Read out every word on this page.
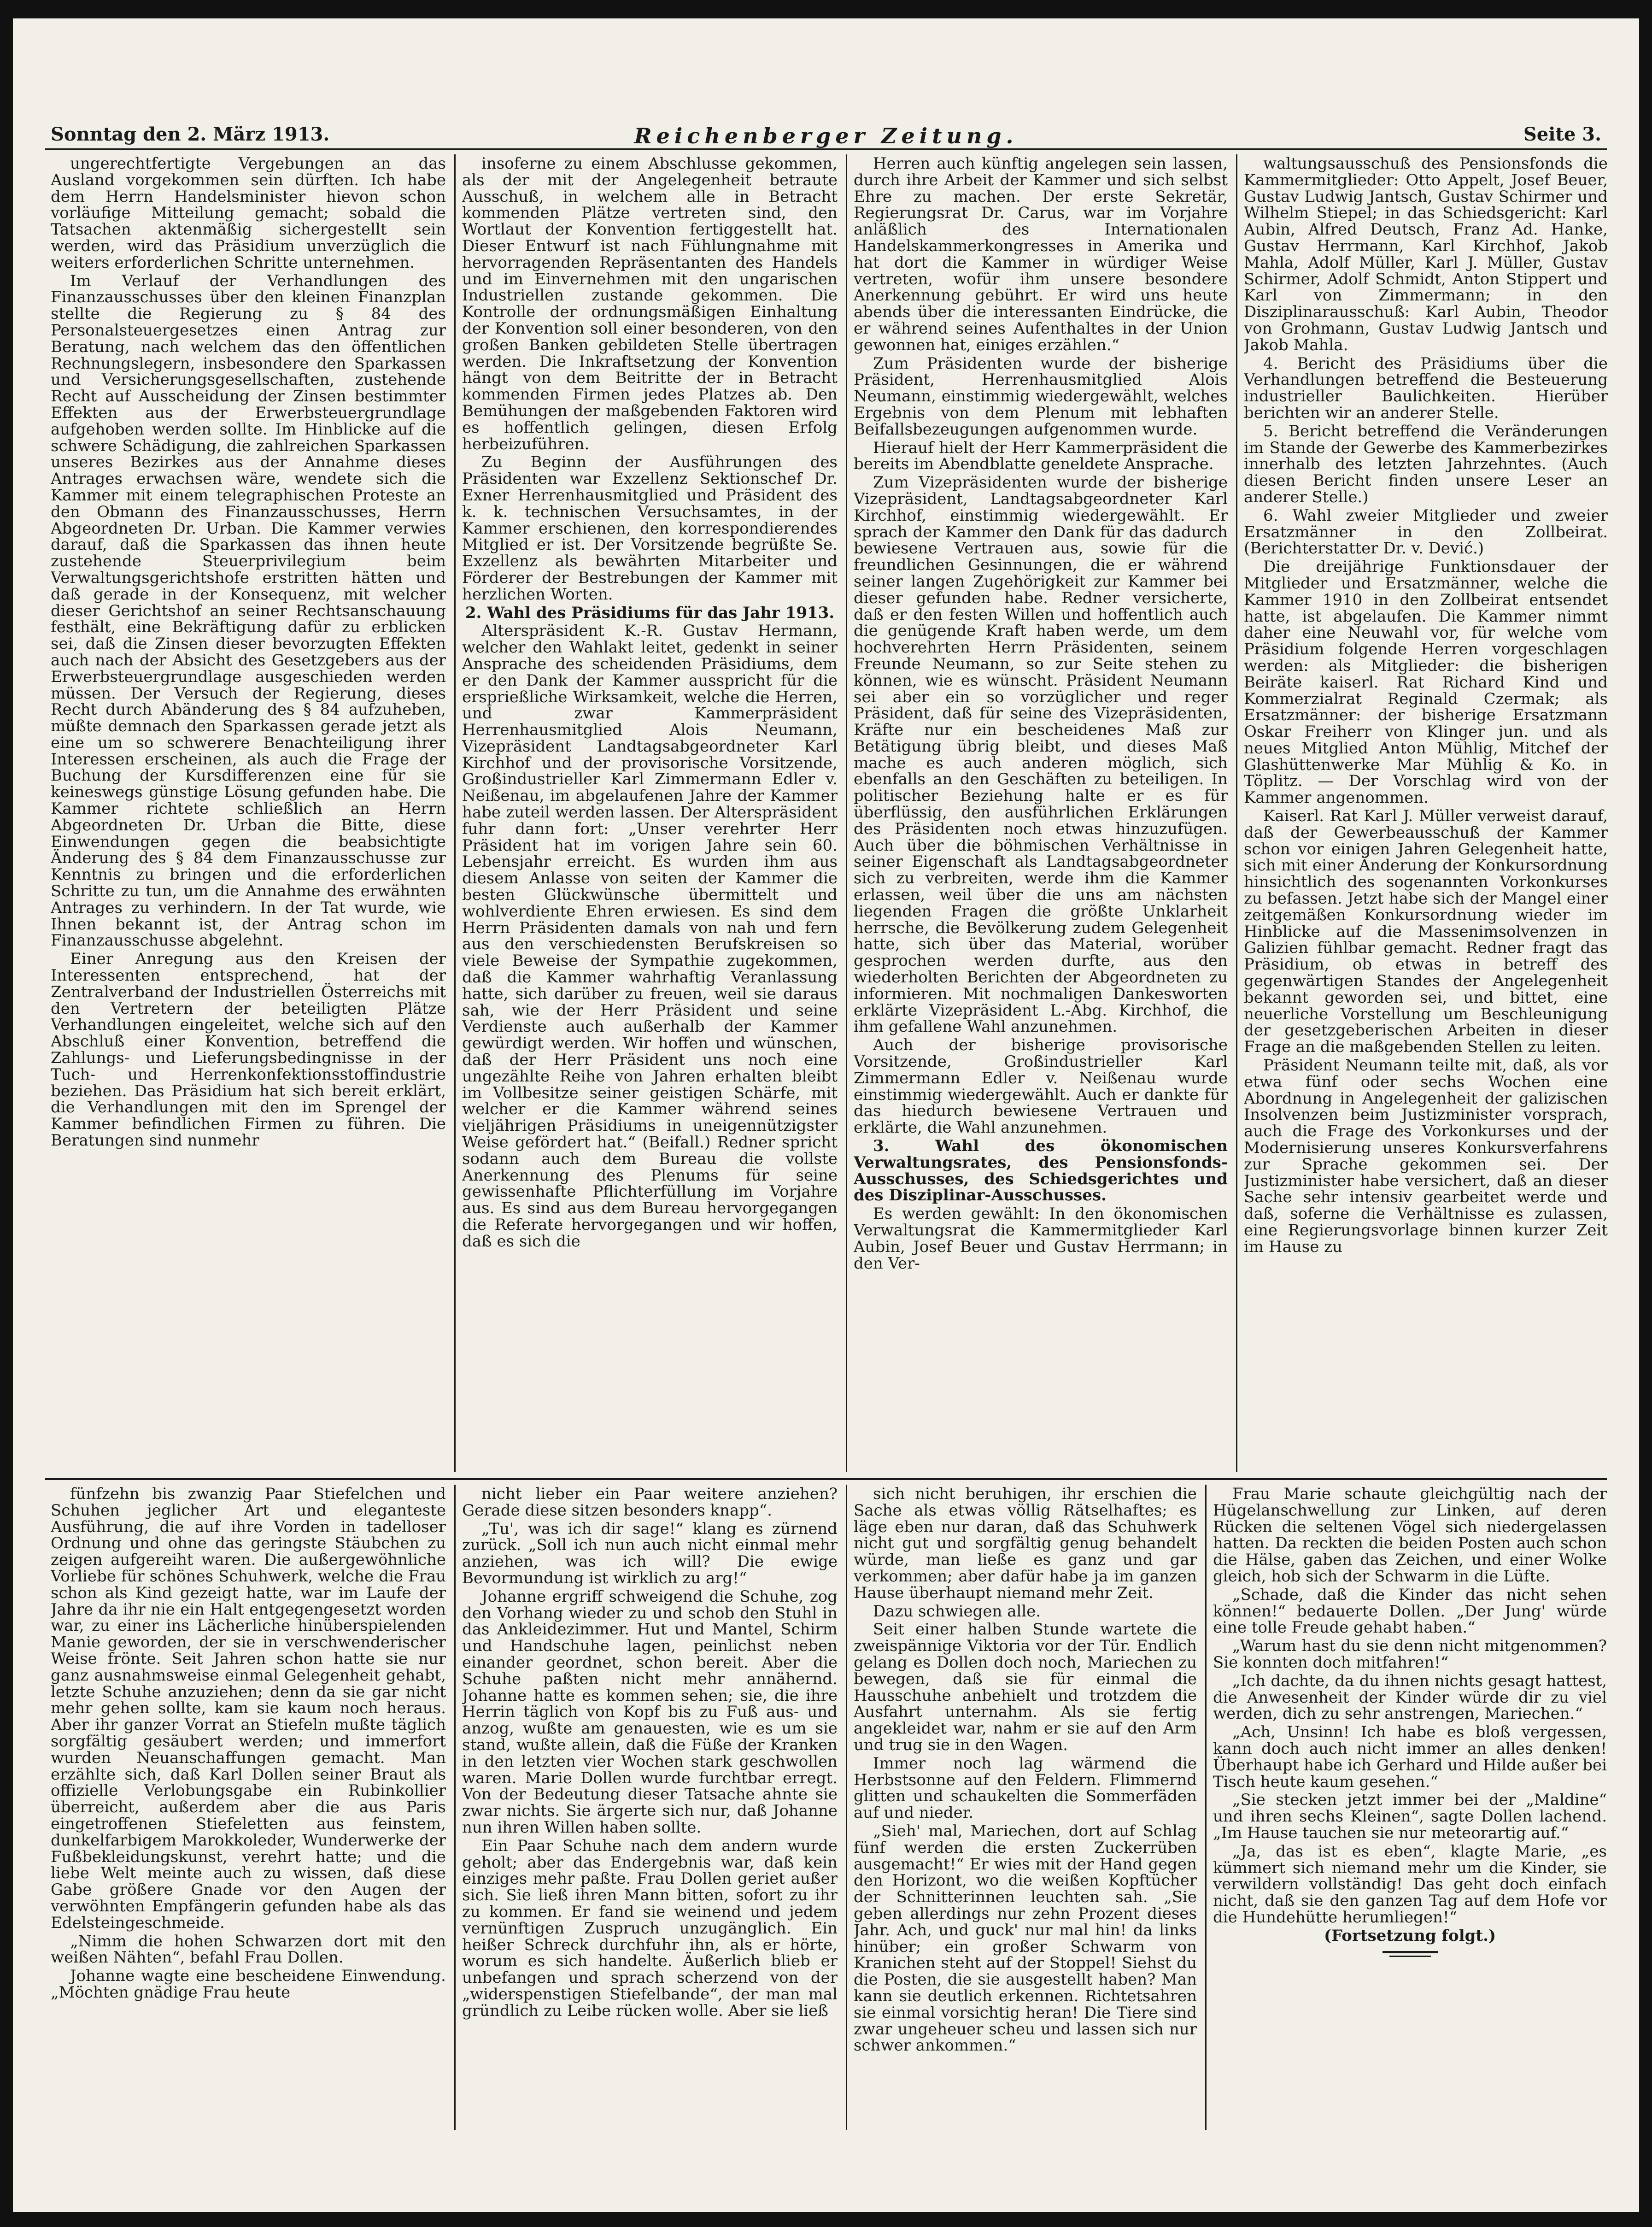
Sonntag den 2. März 1913.	Reichenberger Zeitung.	Seite 3.

ungerechtfertigte Vergebungen an das Ausland vorgekommen sein dürften. Ich habe dem Herrn Handelsminister hievon schon vorläufige Mitteilung gemacht; sobald die Tatsachen aktenmäßig sichergestellt sein werden, wird das Präsidium unverzüglich die weiters erforderlichen Schritte unternehmen.

Im Verlauf der Verhandlungen des Finanzausschusses über den kleinen Finanzplan stellte die Regierung zu § 84 des Personalsteuergesetzes einen Antrag zur Beratung, nach welchem das den öffentlichen Rechnungslegern, insbesondere den Sparkassen und Versicherungsgesellschaften, zustehende Recht auf Ausscheidung der Zinsen bestimmter Effekten aus der Erwerbsteuergrundlage aufgehoben werden sollte. Im Hinblicke auf die schwere Schädigung, die zahlreichen Sparkassen unseres Bezirkes aus der Annahme dieses Antrages erwachsen wäre, wendete sich die Kammer mit einem telegraphischen Proteste an den Obmann des Finanzausschusses, Herrn Abgeordneten Dr. Urban. Die Kammer verwies darauf, daß die Sparkassen das ihnen heute zustehende Steuerprivilegium beim Verwaltungsgerichtshofe erstritten hätten und daß gerade in der Konsequenz, mit welcher dieser Gerichtshof an seiner Rechtsanschauung festhält, eine Bekräftigung dafür zu erblicken sei, daß die Zinsen dieser bevorzugten Effekten auch nach der Absicht des Gesetzgebers aus der Erwerbsteuergrundlage ausgeschieden werden müssen. Der Versuch der Regierung, dieses Recht durch Abänderung des § 84 aufzuheben, müßte demnach den Sparkassen gerade jetzt als eine um so schwerere Benachteiligung ihrer Interessen erscheinen, als auch die Frage der Buchung der Kursdifferenzen eine für sie keineswegs günstige Lösung gefunden habe. Die Kammer richtete schließlich an Herrn Abgeordneten Dr. Urban die Bitte, diese Einwendungen gegen die beabsichtigte Änderung des § 84 dem Finanzausschusse zur Kenntnis zu bringen und die erforderlichen Schritte zu tun, um die Annahme des erwähnten Antrages zu verhindern. In der Tat wurde, wie Ihnen bekannt ist, der Antrag schon im Finanzausschusse abgelehnt.

Einer Anregung aus den Kreisen der Interessenten entsprechend, hat der Zentralverband der Industriellen Österreichs mit den Vertretern der beteiligten Plätze Verhandlungen eingeleitet, welche sich auf den Abschluß einer Konvention, betreffend die Zahlungs- und Lieferungsbedingnisse in der Tuch- und Herrenkonfektionsstoffindustrie beziehen. Das Präsidium hat sich bereit erklärt, die Verhandlungen mit den im Sprengel der Kammer befindlichen Firmen zu führen. Die Beratungen sind nunmehr

insoferne zu einem Abschlusse gekommen, als der mit der Angelegenheit betraute Ausschuß, in welchem alle in Betracht kommenden Plätze vertreten sind, den Wortlaut der Konvention fertiggestellt hat. Dieser Entwurf ist nach Fühlungnahme mit hervorragenden Repräsentanten des Handels und im Einvernehmen mit den ungarischen Industriellen zustande gekommen. Die Kontrolle der ordnungsmäßigen Einhaltung der Konvention soll einer besonderen, von den großen Banken gebildeten Stelle übertragen werden. Die Inkraftsetzung der Konvention hängt von dem Beitritte der in Betracht kommenden Firmen jedes Platzes ab. Den Bemühungen der maßgebenden Faktoren wird es hoffentlich gelingen, diesen Erfolg herbeizuführen.

Zu Beginn der Ausführungen des Präsidenten war Exzellenz Sektionschef Dr. Exner Herrenhausmitglied und Präsident des k. k. technischen Versuchsamtes, in der Kammer erschienen, den korrespondierendes Mitglied er ist. Der Vorsitzende begrüßte Se. Exzellenz als bewährten Mitarbeiter und Förderer der Bestrebungen der Kammer mit herzlichen Worten.

2. Wahl des Präsidiums für das Jahr 1913.

Alterspräsident K.-R. Gustav Hermann, welcher den Wahlakt leitet, gedenkt in seiner Ansprache des scheidenden Präsidiums, dem er den Dank der Kammer ausspricht für die ersprießliche Wirksamkeit, welche die Herren, und zwar Kammerpräsident Herrenhausmitglied Alois Neumann, Vizepräsident Landtagsabgeordneter Karl Kirchhof und der provisorische Vorsitzende, Großindustrieller Karl Zimmermann Edler v. Neißenau, im abgelaufenen Jahre der Kammer habe zuteil werden lassen. Der Alterspräsident fuhr dann fort: „Unser verehrter Herr Präsident hat im vorigen Jahre sein 60. Lebensjahr erreicht. Es wurden ihm aus diesem Anlasse von seiten der Kammer die besten Glückwünsche übermittelt und wohlverdiente Ehren erwiesen. Es sind dem Herrn Präsidenten damals von nah und fern aus den verschiedensten Berufskreisen so viele Beweise der Sympathie zugekommen, daß die Kammer wahrhaftig Veranlassung hatte, sich darüber zu freuen, weil sie daraus sah, wie der Herr Präsident und seine Verdienste auch außerhalb der Kammer gewürdigt werden. Wir hoffen und wünschen, daß der Herr Präsident uns noch eine ungezählte Reihe von Jahren erhalten bleibt im Vollbesitze seiner geistigen Schärfe, mit welcher er die Kammer während seines vieljährigen Präsidiums in uneigennützigster Weise gefördert hat.“ (Beifall.) Redner spricht sodann auch dem Bureau die vollste Anerkennung des Plenums für seine gewissenhafte Pflichterfüllung im Vorjahre aus. Es sind aus dem Bureau hervorgegangen die Referate hervorgegangen und wir hoffen, daß es sich die

Herren auch künftig angelegen sein lassen, durch ihre Arbeit der Kammer und sich selbst Ehre zu machen. Der erste Sekretär, Regierungsrat Dr. Carus, war im Vorjahre anläßlich des Internationalen Handelskammerkongresses in Amerika und hat dort die Kammer in würdiger Weise vertreten, wofür ihm unsere besondere Anerkennung gebührt. Er wird uns heute abends über die interessanten Eindrücke, die er während seines Aufenthaltes in der Union gewonnen hat, einiges erzählen.“

Zum Präsidenten wurde der bisherige Präsident, Herrenhausmitglied Alois Neumann, einstimmig wiedergewählt, welches Ergebnis von dem Plenum mit lebhaften Beifallsbezeugungen aufgenommen wurde.

Hierauf hielt der Herr Kammerpräsident die bereits im Abendblatte geneldete Ansprache.

Zum Vizepräsidenten wurde der bisherige Vizepräsident, Landtagsabgeordneter Karl Kirchhof, einstimmig wiedergewählt. Er sprach der Kammer den Dank für das dadurch bewiesene Vertrauen aus, sowie für die freundlichen Gesinnungen, die er während seiner langen Zugehörigkeit zur Kammer bei dieser gefunden habe. Redner versicherte, daß er den festen Willen und hoffentlich auch die genügende Kraft haben werde, um dem hochverehrten Herrn Präsidenten, seinem Freunde Neumann, so zur Seite stehen zu können, wie es wünscht. Präsident Neumann sei aber ein so vorzüglicher und reger Präsident, daß für seine des Vizepräsidenten, Kräfte nur ein bescheidenes Maß zur Betätigung übrig bleibt, und dieses Maß mache es auch anderen möglich, sich ebenfalls an den Geschäften zu beteiligen. In politischer Beziehung halte er es für überflüssig, den ausführlichen Erklärungen des Präsidenten noch etwas hinzuzufügen. Auch über die böhmischen Verhältnisse in seiner Eigenschaft als Landtagsabgeordneter sich zu verbreiten, werde ihm die Kammer erlassen, weil über die uns am nächsten liegenden Fragen die größte Unklarheit herrsche, die Bevölkerung zudem Gelegenheit hatte, sich über das Material, worüber gesprochen werden durfte, aus den wiederholten Berichten der Abgeordneten zu informieren. Mit nochmaligen Dankesworten erklärte Vizepräsident L.-Abg. Kirchhof, die ihm gefallene Wahl anzunehmen.

Auch der bisherige provisorische Vorsitzende, Großindustrieller Karl Zimmermann Edler v. Neißenau wurde einstimmig wiedergewählt. Auch er dankte für das hiedurch bewiesene Vertrauen und erklärte, die Wahl anzunehmen.

3. Wahl des ökonomischen Verwaltungsrates, des Pensionsfonds-Ausschusses, des Schiedsgerichtes und des Disziplinar-Ausschusses.

Es werden gewählt: In den ökonomischen Verwaltungsrat die Kammermitglieder Karl Aubin, Josef Beuer und Gustav Herrmann; in den Ver-

waltungsausschuß des Pensionsfonds die Kammermitglieder: Otto Appelt, Josef Beuer, Gustav Ludwig Jantsch, Gustav Schirmer und Wilhelm Stiepel; in das Schiedsgericht: Karl Aubin, Alfred Deutsch, Franz Ad. Hanke, Gustav Herrmann, Karl Kirchhof, Jakob Mahla, Adolf Müller, Karl J. Müller, Gustav Schirmer, Adolf Schmidt, Anton Stippert und Karl von Zimmermann; in den Disziplinarausschuß: Karl Aubin, Theodor von Grohmann, Gustav Ludwig Jantsch und Jakob Mahla.

4. Bericht des Präsidiums über die Verhandlungen betreffend die Besteuerung industrieller Baulichkeiten. Hierüber berichten wir an anderer Stelle.

5. Bericht betreffend die Veränderungen im Stande der Gewerbe des Kammerbezirkes innerhalb des letzten Jahrzehntes. (Auch diesen Bericht finden unsere Leser an anderer Stelle.)

6. Wahl zweier Mitglieder und zweier Ersatzmänner in den Zollbeirat. (Berichterstatter Dr. v. Dević.)

Die dreijährige Funktionsdauer der Mitglieder und Ersatzmänner, welche die Kammer 1910 in den Zollbeirat entsendet hatte, ist abgelaufen. Die Kammer nimmt daher eine Neuwahl vor, für welche vom Präsidium folgende Herren vorgeschlagen werden: als Mitglieder: die bisherigen Beiräte kaiserl. Rat Richard Kind und Kommerzialrat Reginald Czermak; als Ersatzmänner: der bisherige Ersatzmann Oskar Freiherr von Klinger jun. und als neues Mitglied Anton Mühlig, Mitchef der Glashüttenwerke Mar Mühlig & Ko. in Töplitz. — Der Vorschlag wird von der Kammer angenommen.

Kaiserl. Rat Karl J. Müller verweist darauf, daß der Gewerbeausschuß der Kammer schon vor einigen Jahren Gelegenheit hatte, sich mit einer Änderung der Konkursordnung hinsichtlich des sogenannten Vorkonkurses zu befassen. Jetzt habe sich der Mangel einer zeitgemäßen Konkursordnung wieder im Hinblicke auf die Massenimsolvenzen in Galizien fühlbar gemacht. Redner fragt das Präsidium, ob etwas in betreff des gegenwärtigen Standes der Angelegenheit bekannt geworden sei, und bittet, eine neuerliche Vorstellung um Beschleunigung der gesetzgeberischen Arbeiten in dieser Frage an die maßgebenden Stellen zu leiten.

Präsident Neumann teilte mit, daß, als vor etwa fünf oder sechs Wochen eine Abordnung in Angelegenheit der galizischen Insolvenzen beim Justizminister vorsprach, auch die Frage des Vorkonkurses und der Modernisierung unseres Konkursverfahrens zur Sprache gekommen sei. Der Justizminister habe versichert, daß an dieser Sache sehr intensiv gearbeitet werde und daß, soferne die Verhältnisse es zulassen, eine Regierungsvorlage binnen kurzer Zeit im Hause zu

fünfzehn bis zwanzig Paar Stiefelchen und Schuhen jeglicher Art und eleganteste Ausführung, die auf ihre Vorden in tadelloser Ordnung und ohne das geringste Stäubchen zu zeigen aufgereiht waren. Die außergewöhnliche Vorliebe für schönes Schuhwerk, welche die Frau schon als Kind gezeigt hatte, war im Laufe der Jahre da ihr nie ein Halt entgegengesetzt worden war, zu einer ins Lächerliche hinüberspielenden Manie geworden, der sie in verschwenderischer Weise frönte. Seit Jahren schon hatte sie nur ganz ausnahmsweise einmal Gelegenheit gehabt, letzte Schuhe anzuziehen; denn da sie gar nicht mehr gehen sollte, kam sie kaum noch heraus. Aber ihr ganzer Vorrat an Stiefeln mußte täglich sorgfältig gesäubert werden; und immerfort wurden Neuanschaffungen gemacht. Man erzählte sich, daß Karl Dollen seiner Braut als offizielle Verlobungsgabe ein Rubinkollier überreicht, außerdem aber die aus Paris eingetroffenen Stiefeletten aus feinstem, dunkelfarbigem Marokkoleder, Wunderwerke der Fußbekleidungskunst, verehrt hatte; und die liebe Welt meinte auch zu wissen, daß diese Gabe größere Gnade vor den Augen der verwöhnten Empfängerin gefunden habe als das Edelsteingeschmeide.

„Nimm die hohen Schwarzen dort mit den weißen Nähten“, befahl Frau Dollen.

Johanne wagte eine bescheidene Einwendung. „Möchten gnädige Frau heute

nicht lieber ein Paar weitere anziehen? Gerade diese sitzen besonders knapp“.

„Tu', was ich dir sage!“ klang es zürnend zurück. „Soll ich nun auch nicht einmal mehr anziehen, was ich will? Die ewige Bevormundung ist wirklich zu arg!“

Johanne ergriff schweigend die Schuhe, zog den Vorhang wieder zu und schob den Stuhl in das Ankleidezimmer. Hut und Mantel, Schirm und Handschuhe lagen, peinlichst neben einander geordnet, schon bereit. Aber die Schuhe paßten nicht mehr annähernd. Johanne hatte es kommen sehen; sie, die ihre Herrin täglich von Kopf bis zu Fuß aus- und anzog, wußte am genauesten, wie es um sie stand, wußte allein, daß die Füße der Kranken in den letzten vier Wochen stark geschwollen waren. Marie Dollen wurde furchtbar erregt. Von der Bedeutung dieser Tatsache ahnte sie zwar nichts. Sie ärgerte sich nur, daß Johanne nun ihren Willen haben sollte.

Ein Paar Schuhe nach dem andern wurde geholt; aber das Endergebnis war, daß kein einziges mehr paßte. Frau Dollen geriet außer sich. Sie ließ ihren Mann bitten, sofort zu ihr zu kommen. Er fand sie weinend und jedem vernünftigen Zuspruch unzugänglich. Ein heißer Schreck durchfuhr ihn, als er hörte, worum es sich handelte. Äußerlich blieb er unbefangen und sprach scherzend von der „widerspenstigen Stiefelbande“, der man mal gründlich zu Leibe rücken wolle. Aber sie ließ

sich nicht beruhigen, ihr erschien die Sache als etwas völlig Rätselhaftes; es läge eben nur daran, daß das Schuhwerk nicht gut und sorgfältig genug behandelt würde, man ließe es ganz und gar verkommen; aber dafür habe ja im ganzen Hause überhaupt niemand mehr Zeit.

Dazu schwiegen alle.

Seit einer halben Stunde wartete die zweispännige Viktoria vor der Tür. Endlich gelang es Dollen doch noch, Mariechen zu bewegen, daß sie für einmal die Hausschuhe anbehielt und trotzdem die Ausfahrt unternahm. Als sie fertig angekleidet war, nahm er sie auf den Arm und trug sie in den Wagen.

Immer noch lag wärmend die Herbstsonne auf den Feldern. Flimmernd glitten und schaukelten die Sommerfäden auf und nieder.

„Sieh' mal, Mariechen, dort auf Schlag fünf werden die ersten Zuckerrüben ausgemacht!“ Er wies mit der Hand gegen den Horizont, wo die weißen Kopftücher der Schnitterinnen leuchten sah. „Sie geben allerdings nur zehn Prozent dieses Jahr. Ach, und guck' nur mal hin! da links hinüber; ein großer Schwarm von Kranichen steht auf der Stoppel! Siehst du die Posten, die sie ausgestellt haben? Man kann sie deutlich erkennen. Richtetsahren sie einmal vorsichtig heran! Die Tiere sind zwar ungeheuer scheu und lassen sich nur schwer ankommen.“

Frau Marie schaute gleichgültig nach der Hügelanschwellung zur Linken, auf deren Rücken die seltenen Vögel sich niedergelassen hatten. Da reckten die beiden Posten auch schon die Hälse, gaben das Zeichen, und einer Wolke gleich, hob sich der Schwarm in die Lüfte.

„Schade, daß die Kinder das nicht sehen können!“ bedauerte Dollen. „Der Jung' würde eine tolle Freude gehabt haben.“

„Warum hast du sie denn nicht mitgenommen? Sie konnten doch mitfahren!“

„Ich dachte, da du ihnen nichts gesagt hattest, die Anwesenheit der Kinder würde dir zu viel werden, dich zu sehr anstrengen, Mariechen.“

„Ach, Unsinn! Ich habe es bloß vergessen, kann doch auch nicht immer an alles denken! Überhaupt habe ich Gerhard und Hilde außer bei Tisch heute kaum gesehen.“

„Sie stecken jetzt immer bei der „Maldine“ und ihren sechs Kleinen“, sagte Dollen lachend. „Im Hause tauchen sie nur meteorartig auf.“

„Ja, das ist es eben“, klagte Marie, „es kümmert sich niemand mehr um die Kinder, sie verwildern vollständig! Das geht doch einfach nicht, daß sie den ganzen Tag auf dem Hofe vor die Hundehütte herumliegen!“

(Fortsetzung folgt.)
